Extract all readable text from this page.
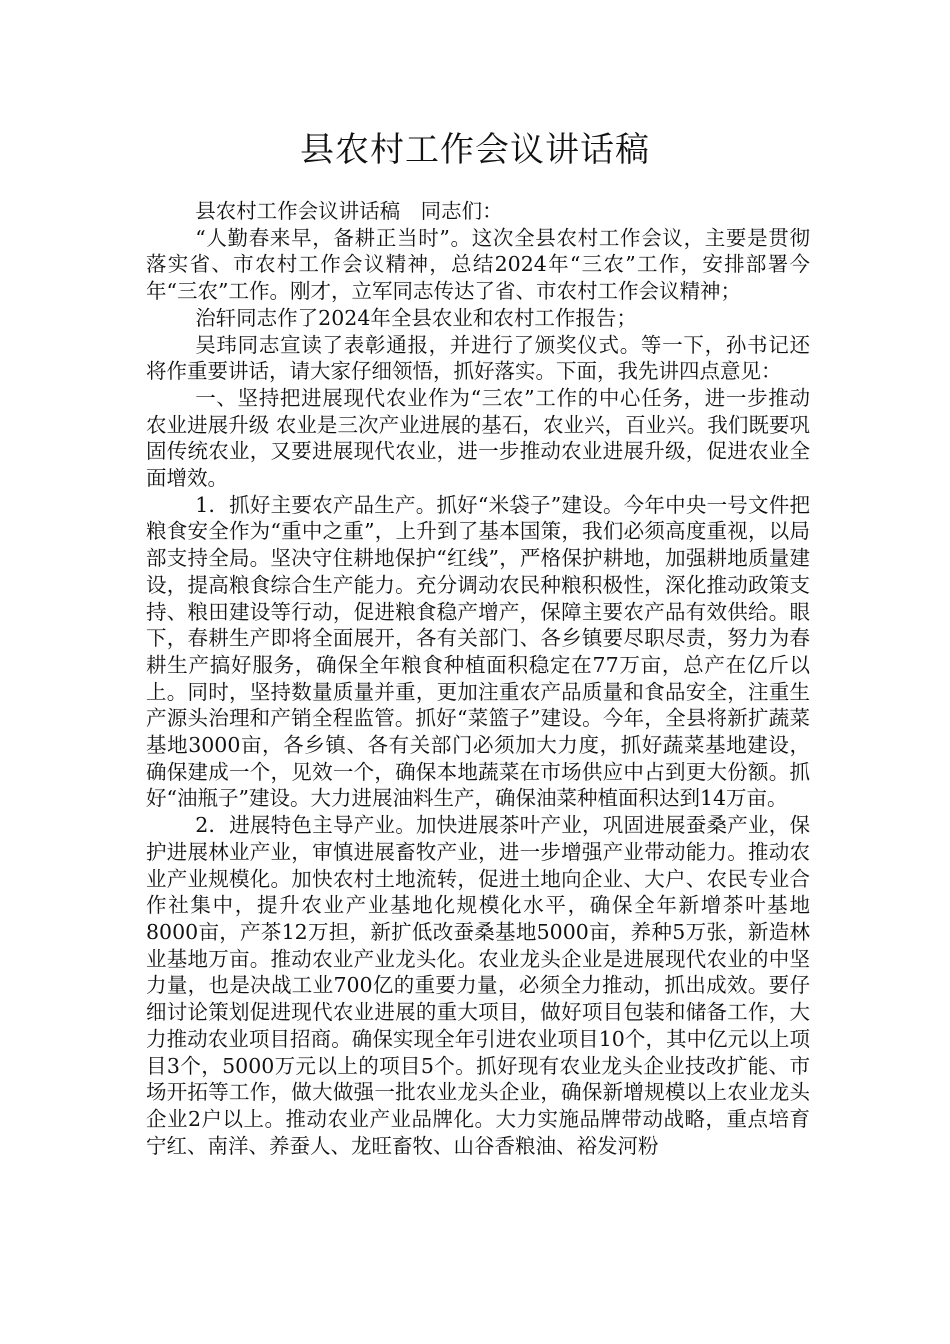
县农村工作会议讲话稿

县农村工作会议讲话稿　同志们：

“人勤春来早，备耕正当时”。这次全县农村工作会议，主要是贯彻落实省、市农村工作会议精神，总结2024年“三农”工作，安排部署今年“三农”工作。刚才，立军同志传达了省、市农村工作会议精神；

治轩同志作了2024年全县农业和农村工作报告；

吴玮同志宣读了表彰通报，并进行了颁奖仪式。等一下，孙书记还将作重要讲话，请大家仔细领悟，抓好落实。下面，我先讲四点意见：

一、坚持把进展现代农业作为“三农”工作的中心任务，进一步推动农业进展升级 农业是三次产业进展的基石，农业兴，百业兴。我们既要巩固传统农业，又要进展现代农业，进一步推动农业进展升级，促进农业全面增效。

1．抓好主要农产品生产。抓好“米袋子”建设。今年中央一号文件把粮食安全作为“重中之重”，上升到了基本国策，我们必须高度重视，以局部支持全局。坚决守住耕地保护“红线”，严格保护耕地，加强耕地质量建设，提高粮食综合生产能力。充分调动农民种粮积极性，深化推动政策支持、粮田建设等行动，促进粮食稳产增产，保障主要农产品有效供给。眼下，春耕生产即将全面展开，各有关部门、各乡镇要尽职尽责，努力为春耕生产搞好服务，确保全年粮食种植面积稳定在77万亩，总产在亿斤以上。同时，坚持数量质量并重，更加注重农产品质量和食品安全，注重生产源头治理和产销全程监管。抓好“菜篮子”建设。今年，全县将新扩蔬菜基地3000亩，各乡镇、各有关部门必须加大力度，抓好蔬菜基地建设，确保建成一个，见效一个，确保本地蔬菜在市场供应中占到更大份额。抓好“油瓶子”建设。大力进展油料生产，确保油菜种植面积达到14万亩。

2．进展特色主导产业。加快进展茶叶产业，巩固进展蚕桑产业，保护进展林业产业，审慎进展畜牧产业，进一步增强产业带动能力。推动农业产业规模化。加快农村土地流转，促进土地向企业、大户、农民专业合作社集中，提升农业产业基地化规模化水平，确保全年新增茶叶基地8000亩，产茶12万担，新扩低改蚕桑基地5000亩，养种5万张，新造林业基地万亩。推动农业产业龙头化。农业龙头企业是进展现代农业的中坚力量，也是决战工业700亿的重要力量，必须全力推动，抓出成效。要仔细讨论策划促进现代农业进展的重大项目，做好项目包装和储备工作，大力推动农业项目招商。确保实现全年引进农业项目10个，其中亿元以上项目3个，5000万元以上的项目5个。抓好现有农业龙头企业技改扩能、市场开拓等工作，做大做强一批农业龙头企业，确保新增规模以上农业龙头企业2户以上。推动农业产业品牌化。大力实施品牌带动战略，重点培育宁红、南洋、养蚕人、龙旺畜牧、山谷香粮油、裕发河粉
